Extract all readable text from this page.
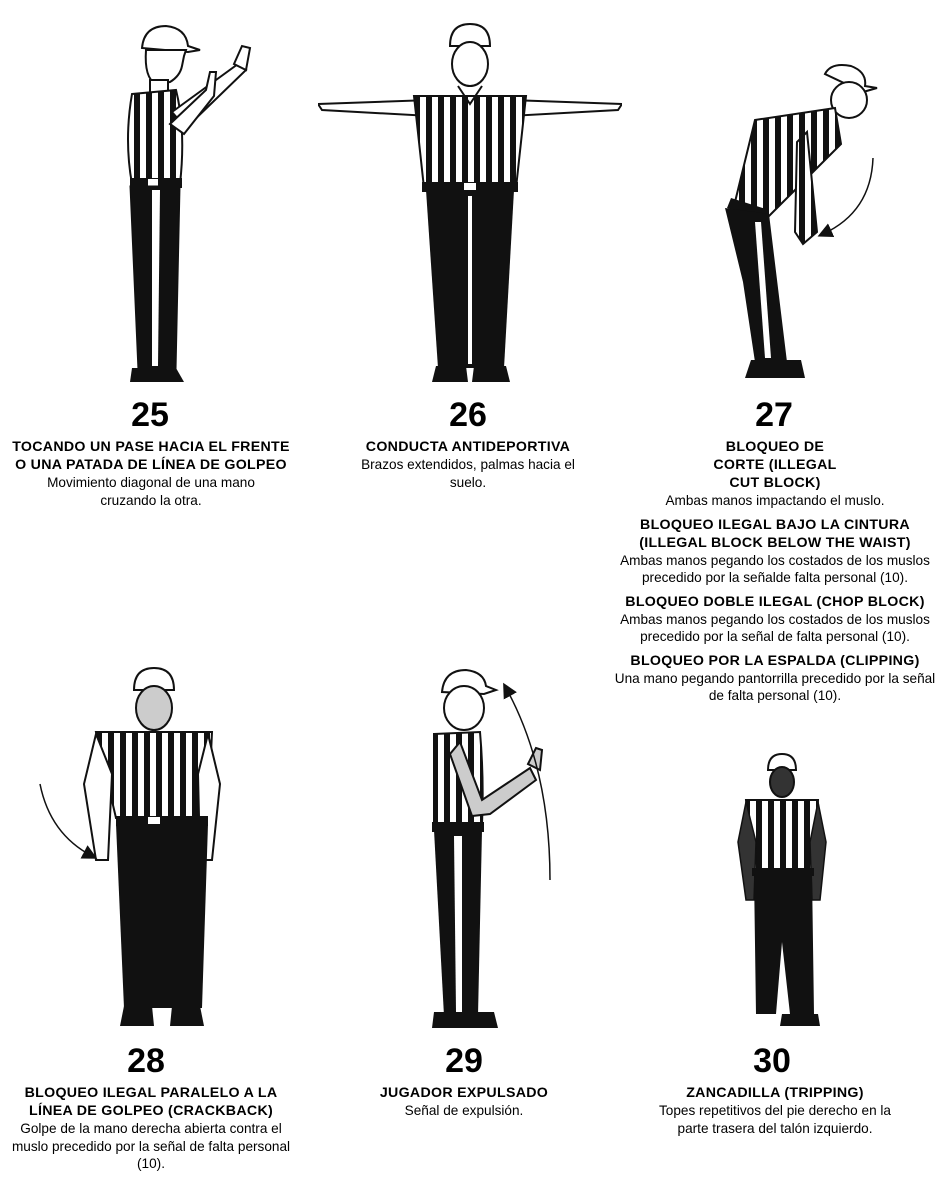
25
TOCANDO UN PASE HACIA EL FRENTE O UNA PATADA DE LÍNEA DE GOLPEO
Movimiento diagonal de una mano cruzando la otra.
26
CONDUCTA ANTIDEPORTIVA
Brazos extendidos, palmas hacia el suelo.
27
BLOQUEO DE CORTE (ILLEGAL CUT BLOCK)
Ambas manos impactando el muslo.
BLOQUEO ILEGAL BAJO LA CINTURA (ILLEGAL BLOCK BELOW THE WAIST)
Ambas manos pegando los costados de los muslos precedido por la señal​de falta personal (10).
BLOQUEO DOBLE ILEGAL (CHOP BLOCK)
Ambas manos pegando los costados de los muslos precedido por la señal de falta personal (10).
BLOQUEO POR LA ESPALDA (CLIPPING)
Una mano pegando pantorrilla precedido por la señal de falta personal (10).
28
BLOQUEO ILEGAL PARALELO A LA LÍNEA DE GOLPEO (CRACKBACK)
Golpe de la mano derecha abierta contra el muslo precedido por la señal de falta personal (10).
29
JUGADOR EXPULSADO
Señal de expulsión.
30
ZANCADILLA (TRIPPING)
Topes repetitivos del pie derecho en la parte trasera del talón izquierdo.
